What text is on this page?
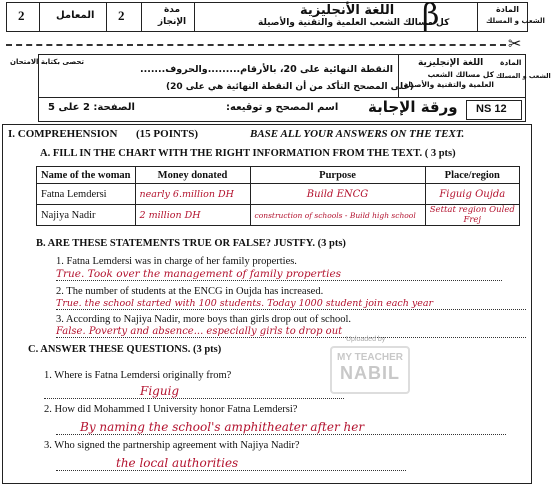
2	المعامل 2	مدة الإنجاز
اللغة الأنجليزية
كل مسالك الشعب العلمية والتقنية والأصيلة
β	المادة
الشعب و المسلك
✂
تحصى بكتابة الامتحان
النقطة النهائية على 20، بالأرقام.........والحروف.......
(على المصحح التأكد من أن النقطة النهائية هي على 20)
الصفحة: 2 على 5	اسم المصحح و توقيعه: ورقة الإجابة
اللغة الإنجليزية
كل مسالك الشعب العلمية والتقنية والأصيلة
المادة
الشعب و المسلك
NS 12
I. COMPREHENSION (15 POINTS)	BASE ALL YOUR ANSWERS ON THE TEXT.
A. FILL IN THE CHART WITH THE RIGHT INFORMATION FROM THE TEXT. ( 3 pts)
Name of the woman	Money donated	Purpose	Place/region
Fatna Lemdersi	nearly 6.million DH	Build ENCG	Figuig Oujda
Najiya Nadir	2 million DH	construction of schools - Build high school	Settat region Ouled Frej
B. ARE THESE STATEMENTS TRUE OR FALSE? JUSTFY. (3 pts)
1. Fatna Lemdersi was in charge of her family properties.
True. Took over the management of family properties
2. The number of students at the ENCG in Oujda has increased.
True. the school started with 100 students. Today 1000 student join each year
3. According to Najiya Nadir, more boys than girls drop out of school.
False. Poverty and absence... especially girls to drop out
Uploaded by
MY TEACHER
NABIL
C. ANSWER THESE QUESTIONS. (3 pts)
1. Where is Fatna Lemdersi originally from?
Figuig
2. How did Mohammed I University honor Fatna Lemdersi?
By naming the school's amphitheater after her
3. Who signed the partnership agreement with Najiya Nadir?
the local authorities
